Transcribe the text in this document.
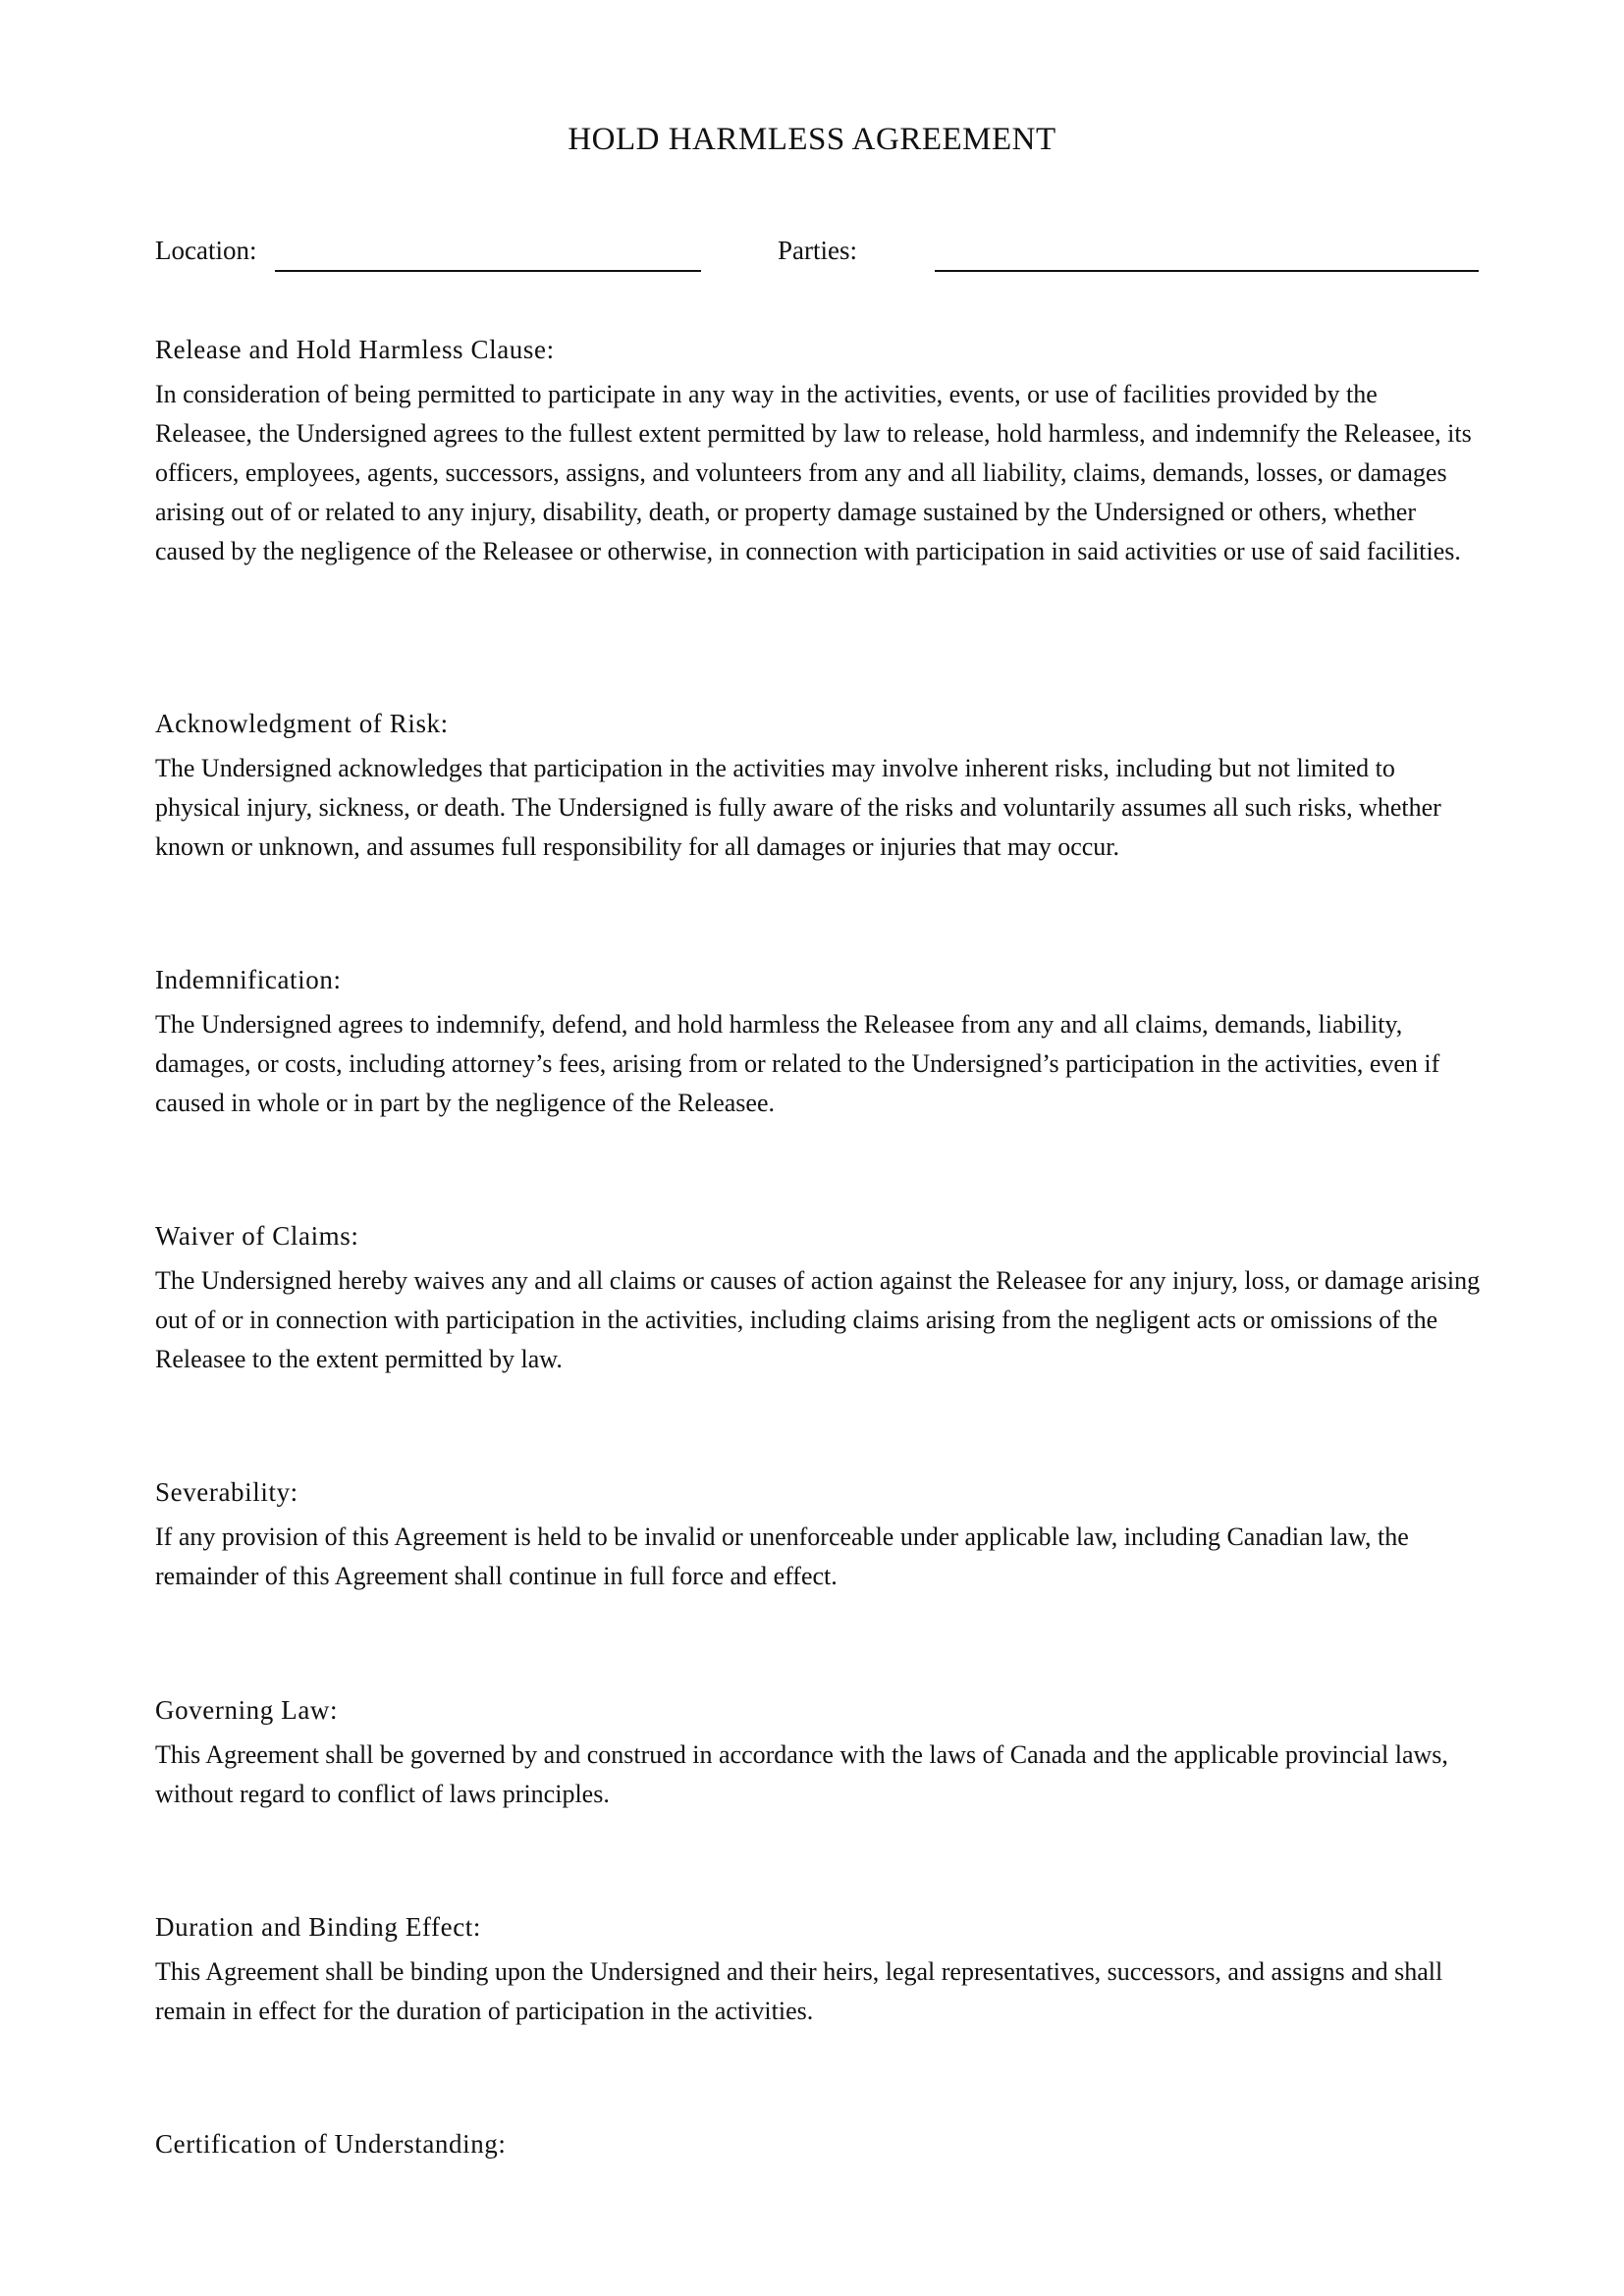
HOLD HARMLESS AGREEMENT
Location:	Parties:
Release and Hold Harmless Clause:

In consideration of being permitted to participate in any way in the activities, events, or use of facilities provided by the Releasee, the Undersigned agrees to the fullest extent permitted by law to release, hold harmless, and indemnify the Releasee, its officers, employees, agents, successors, assigns, and volunteers from any and all liability, claims, demands, losses, or damages arising out of or related to any injury, disability, death, or property damage sustained by the Undersigned or others, whether caused by the negligence of the Releasee or otherwise, in connection with participation in said activities or use of said facilities.

Acknowledgment of Risk:

The Undersigned acknowledges that participation in the activities may involve inherent risks, including but not limited to physical injury, sickness, or death. The Undersigned is fully aware of the risks and voluntarily assumes all such risks, whether known or unknown, and assumes full responsibility for all damages or injuries that may occur.

Indemnification:

The Undersigned agrees to indemnify, defend, and hold harmless the Releasee from any and all claims, demands, liability, damages, or costs, including attorney’s fees, arising from or related to the Undersigned’s participation in the activities, even if caused in whole or in part by the negligence of the Releasee.

Waiver of Claims:

The Undersigned hereby waives any and all claims or causes of action against the Releasee for any injury, loss, or damage arising out of or in connection with participation in the activities, including claims arising from the negligent acts or omissions of the Releasee to the extent permitted by law.

Severability:

If any provision of this Agreement is held to be invalid or unenforceable under applicable law, including Canadian law, the remainder of this Agreement shall continue in full force and effect.

Governing Law:

This Agreement shall be governed by and construed in accordance with the laws of Canada and the applicable provincial laws, without regard to conflict of laws principles.

Duration and Binding Effect:

This Agreement shall be binding upon the Undersigned and their heirs, legal representatives, successors, and assigns and shall remain in effect for the duration of participation in the activities.

Certification of Understanding:
